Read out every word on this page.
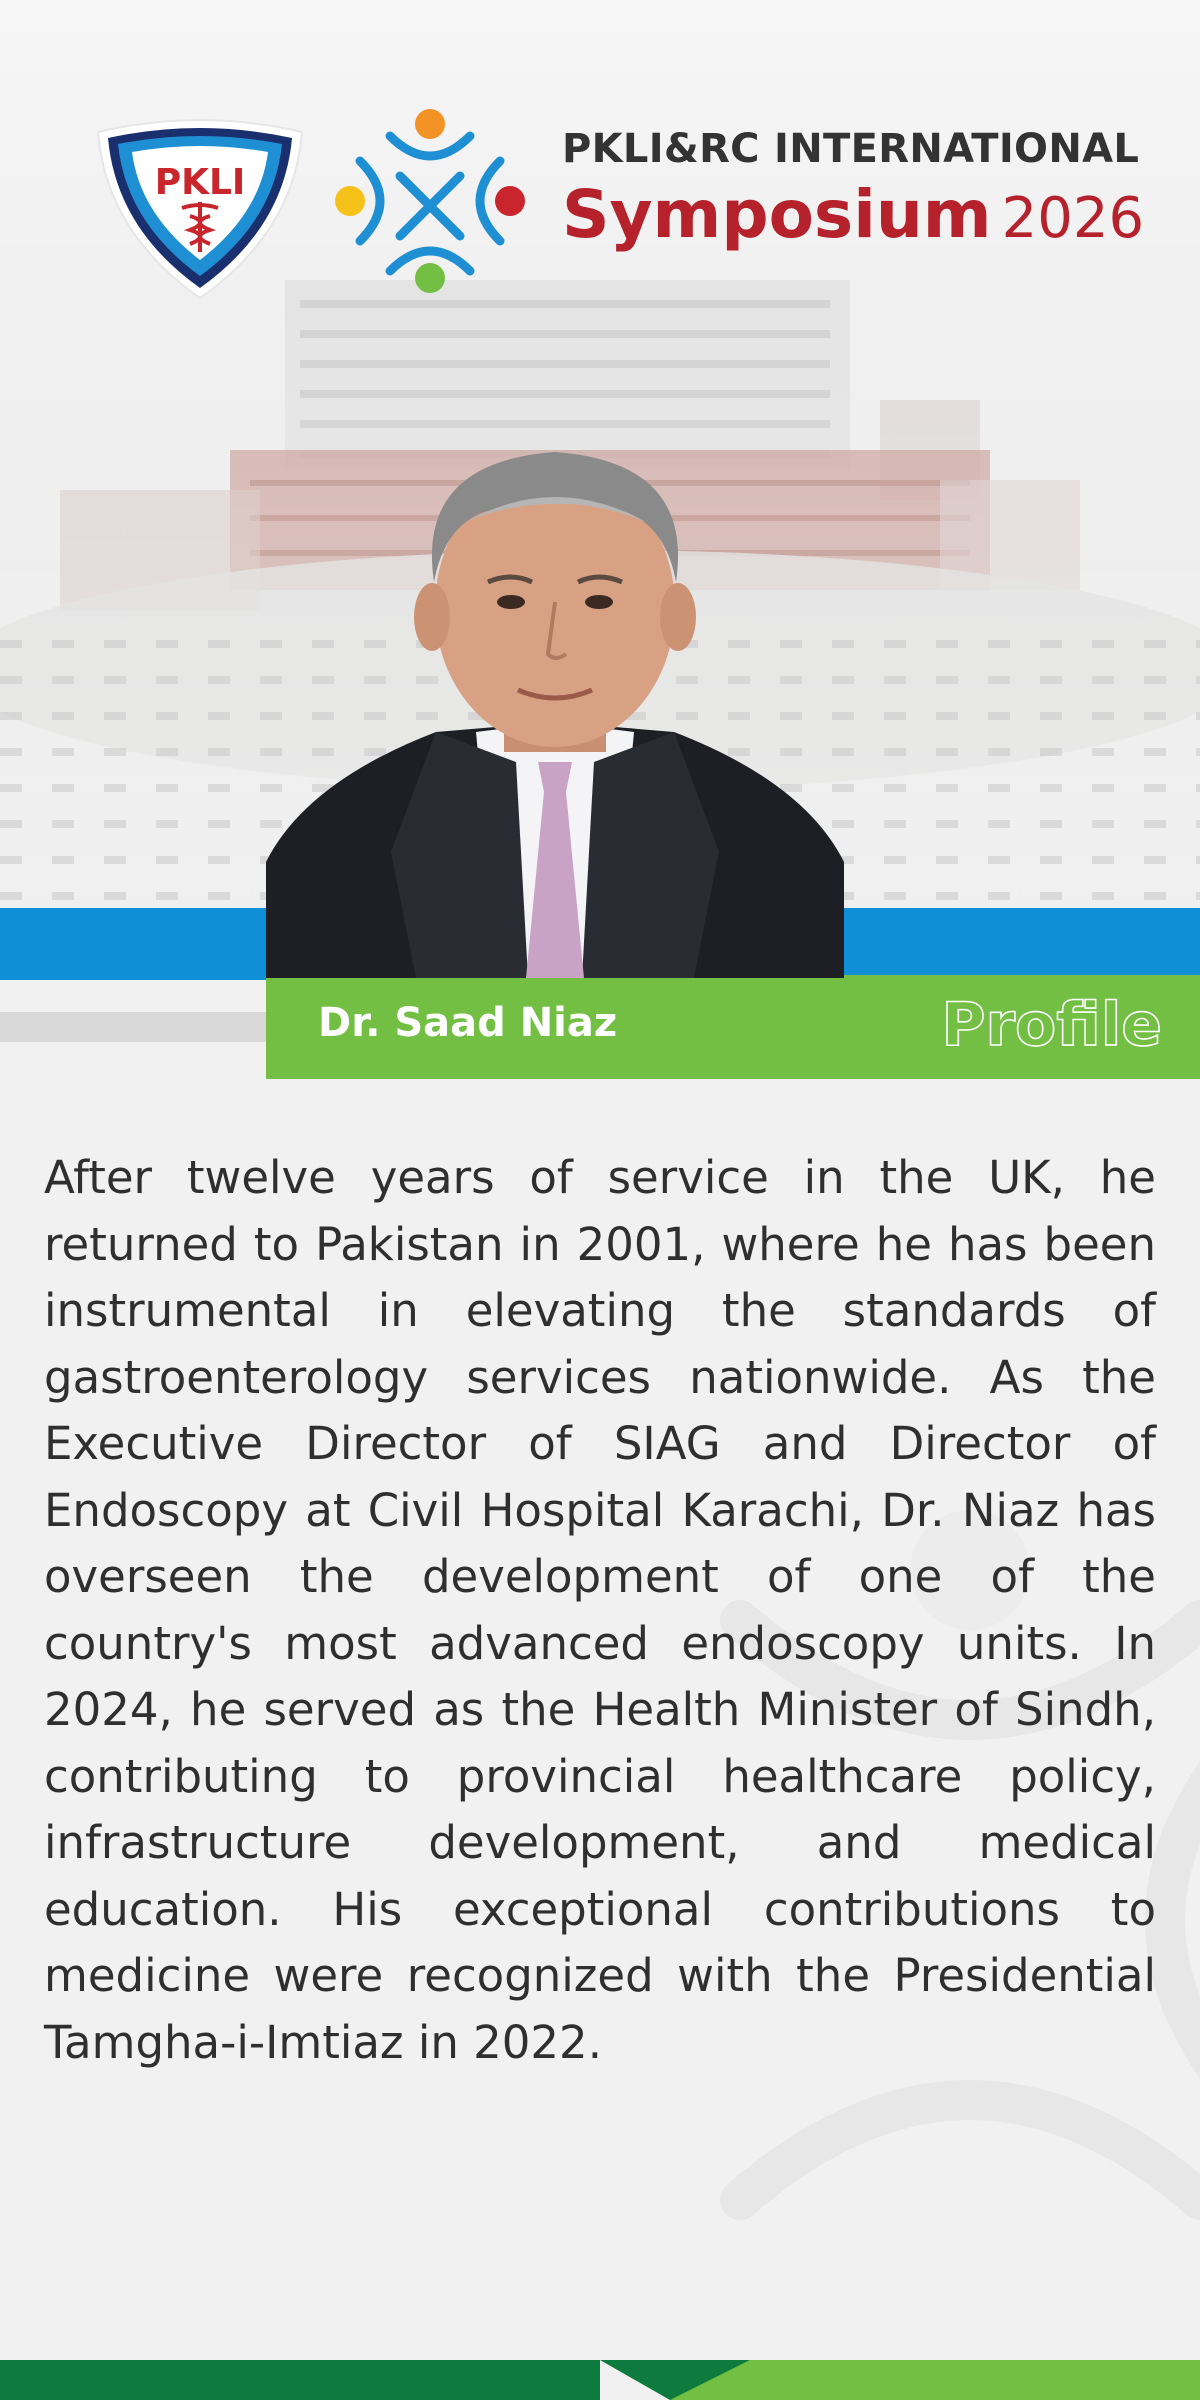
PKLI
PKLI&RC INTERNATIONAL
Symposium 2026
Dr. Saad Niaz	Profile

After twelve years of service in the UK, he returned to Pakistan in 2001, where he has been instrumental in elevating the standards of gastroenterology services nationwide. As the Executive Director of SIAG and Director of Endoscopy at Civil Hospital Karachi, Dr. Niaz has overseen the development of one of the country's most advanced endoscopy units. In 2024, he served as the Health Minister of Sindh, contributing to provincial healthcare policy, infrastructure development, and medical education. His exceptional contributions to medicine were recognized with the Presidential Tamgha-i-Imtiaz in 2022.
